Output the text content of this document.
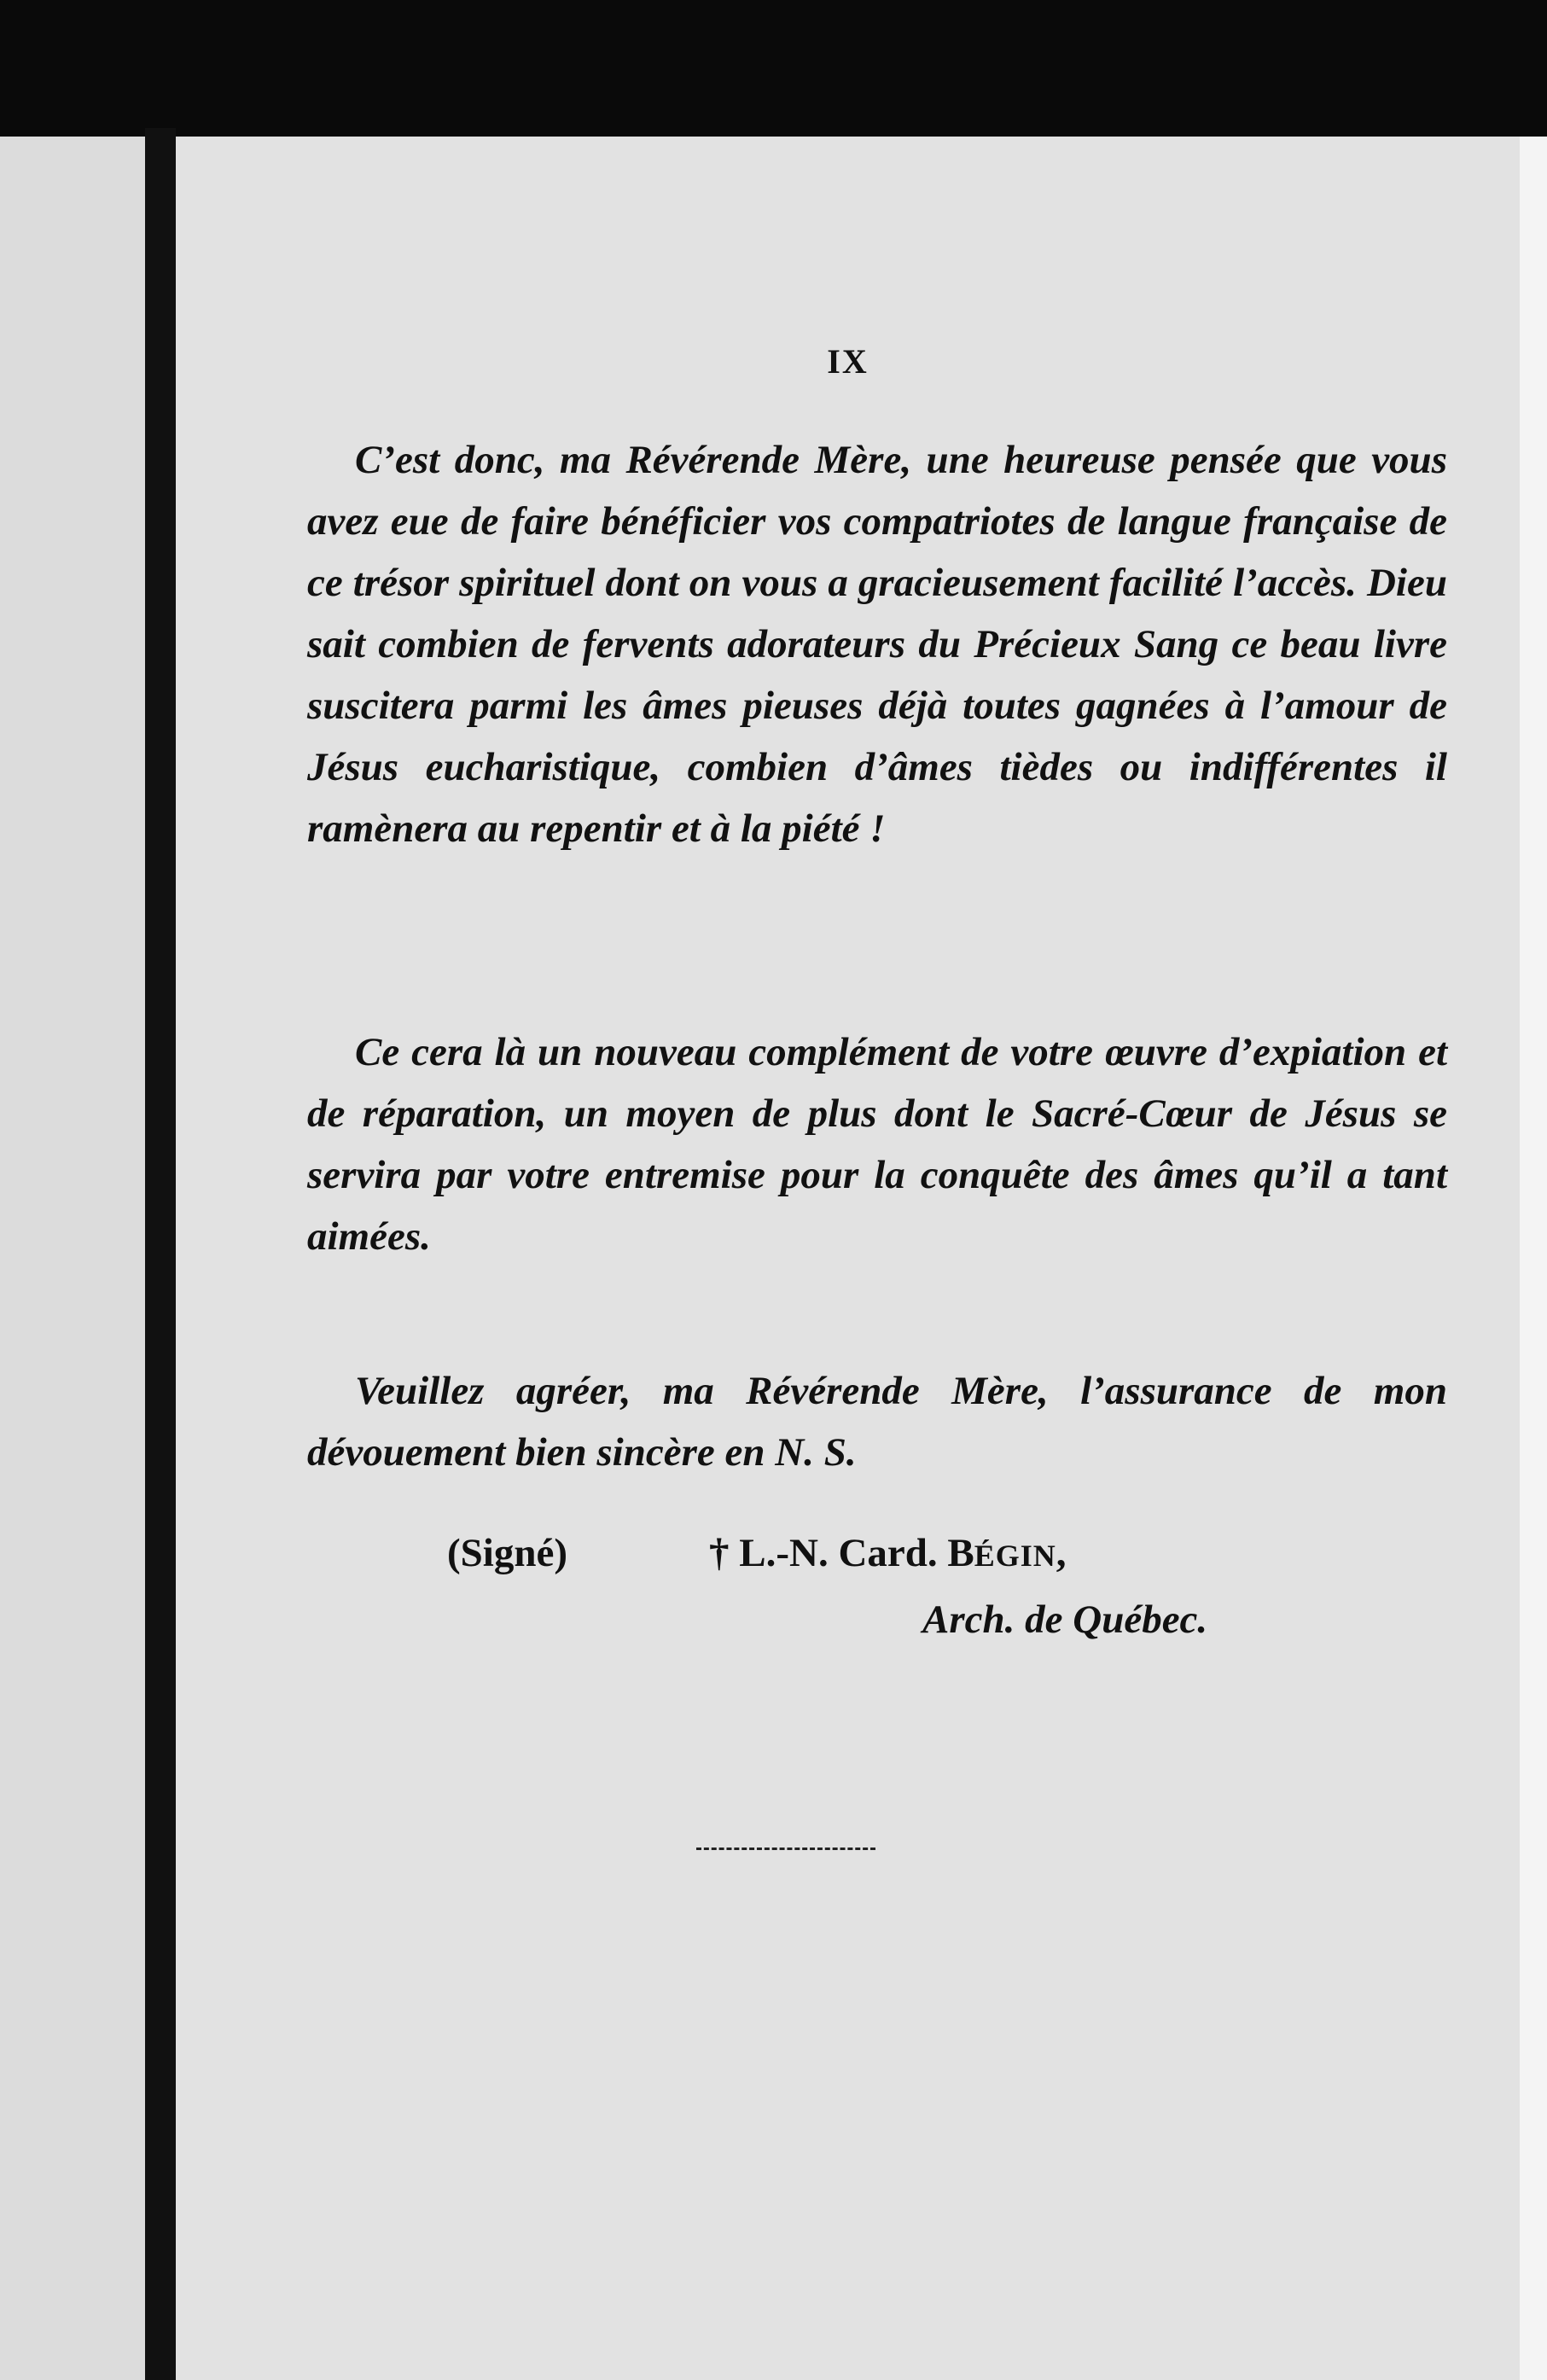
IX

C’est donc, ma Révérende Mère, une heureuse pensée que vous avez eue de faire bénéficier vos compatriotes de langue française de ce trésor spirituel dont on vous a gracieusement facilité l’accès. Dieu sait combien de fervents adorateurs du Précieux Sang ce beau livre suscitera parmi les âmes pieuses déjà toutes gagnées à l’amour de Jésus eucharistique, combien d’âmes tièdes ou indifférentes il ramènera au repentir et à la piété !

Ce cera là un nouveau complément de votre œuvre d’expiation et de réparation, un moyen de plus dont le Sacré-Cœur de Jésus se servira par votre entremise pour la conquête des âmes qu’il a tant aimées.

Veuillez agréer, ma Révérende Mère, l’assurance de mon dévouement bien sincère en N. S.

(Signé)	† L.-N. Card. BÉGIN,
Arch. de Québec.
